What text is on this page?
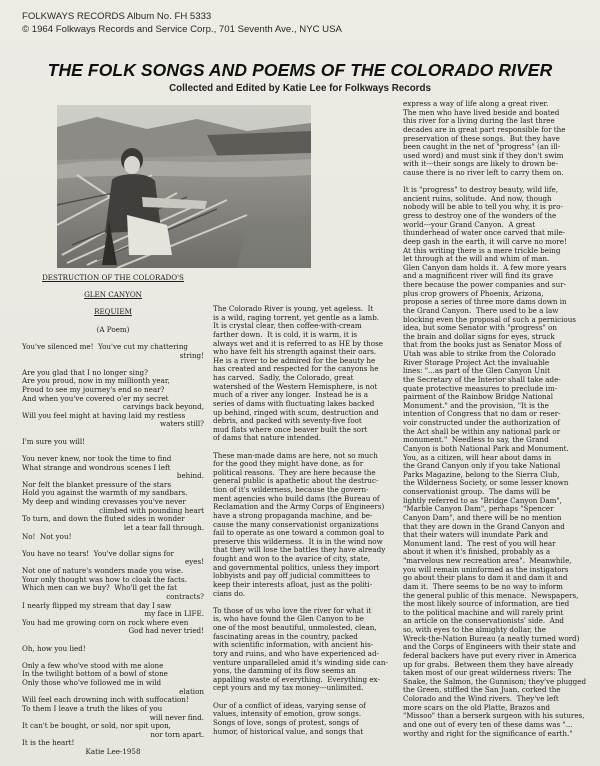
FOLKWAYS RECORDS Album No. FH 5333
© 1964 Folkways Records and Service Corp., 701 Seventh Ave., NYC USA
THE FOLK SONGS AND POEMS OF THE COLORADO RIVER
Collected and Edited by Katie Lee for Folkways Records

DESTRUCTION OF THE COLORADO'S

GLEN CANYON

REQUIEM

(A Poem)

You've silenced me!  You've cut my chattering

string!

Are you glad that I no longer sing?

Are you proud, now in my millionth year,

Proud to see my journey's end so near?

And when you've covered o'er my secret

carvings back beyond,

Will you feel might at having laid my restless

waters still?

I'm sure you will!

You never knew, nor took the time to find

What strange and wondrous scenes I left

behind.

Nor felt the blanket pressure of the stars

Hold you against the warmth of my sandbars.

My deep and winding crevasses you've never

climbed with pounding heart

To turn, and down the fluted sides in wonder

let a tear fall through.

No!  Not you!

You have no tears!  You've dollar signs for

eyes!

Not one of nature's wonders made you wise.

Your only thought was how to cloak the facts.

Which men can we buy?  Who'll get the fat

contracts?

I nearly flipped my stream that day I saw

my face in LIFE.

You had me growing corn on rock where even

God had never tried!

Oh, how you lied!

Only a few who've stood with me alone

In the twilight bottom of a bowl of stone

Only those who've followed me in wild

elation

Will feel each drowning inch with suffocation!

To them I leave a truth the likes of you

will never find.

It can't be bought, or sold, nor spit upon,

nor torn apart.

It is the heart!

Katie Lee-1958

The Colorado River is young, yet ageless.  It

is a wild, raging torrent, yet gentle as a lamb.

It is crystal clear, then coffee-with-cream

farther down.  It is cold, it is warm, it is

always wet and it is referred to as HE by those

who have felt his strength against their oars.

He is a river to be admired for the beauty he

has created and respected for the canyons he

has carved.  Sadly, the Colorado, great

watershed of the Western Hemisphere, is not

much of a river any longer.  Instead he is a

series of dams with fluctuating lakes backed

up behind, ringed with scum, destruction and

debris, and packed with seventy-five foot

mud flats where once beaver built the sort

of dams that nature intended.

These man-made dams are here, not so much

for the good they might have done, as for

political reasons.  They are here because the

general public is apathetic about the destruc-

tion of it's wilderness, because the govern-

ment agencies who build dams (the Bureau of

Reclamation and the Army Corps of Engineers)

have a strong propaganda machine, and be-

cause the many conservationist organizations

fail to operate as one toward a common goal to

preserve this wilderness.  It is in the wind now

that they will lose the battles they have already

fought and won to the avarice of city, state,

and governmental politics, unless they import

lobbyists and pay off judicial committees to

keep their interests afloat, just as the politi-

cians do.

To those of us who love the river for what it

is, who have found the Glen Canyon to be

one of the most beautiful, unmolested, clean,

fascinating areas in the country, packed

with scientific information, with ancient his-

tory and ruins, and who have experienced ad-

venture unparalleled amid it's winding side can-

yons, the damming of its flow seems an

appalling waste of everything.  Everything ex-

cept yours and my tax money---unlimited.

Our of a conflict of ideas, varying sense of

values, intensity of emotion, grow songs.

Songs of love, songs of protest, songs of

humor, of historical value, and songs that

express a way of life along a great river.

The men who have lived beside and boated

this river for a living during the last three

decades are in great part responsible for the

preservation of these songs.  But they have

been caught in the net of "progress" (an ill-

used word) and must sink if they don't swim

with it---their songs are likely to drown be-

cause there is no river left to carry them on.

It is "progress" to destroy beauty, wild life,

ancient ruins, solitude.  And now, though

nobody will be able to tell you why, it is pro-

gress to destroy one of the wonders of the

world---your Grand Canyon.  A great

thunderhead of water once carved that mile-

deep gash in the earth, it will carve no more!

At this writing there is a mere trickle being

let through at the will and whim of man.

Glen Canyon dam holds it.  A few more years

and a magnificent river will find its grave

there because the power companies and sur-

plus crop growers of Phoenix, Arizona,

propose a series of three more dams down in

the Grand Canyon.  There used to be a law

blocking even the proposal of such a pernicious

idea, but some Senator with "progress" on

the brain and dollar signs for eyes, struck

that from the books just as Senator Moss of

Utah was able to strike from the Colorado

River Storage Project Act the invaluable

lines: "...as part of the Glen Canyon Unit

the Secretary of the Interior shall take ade-

quate protective measures to preclude im-

pairment of the Rainbow Bridge National

Monument." and the provision, "It is the

intention of Congress that no dam or reser-

voir constructed under the authorization of

the Act shall be within any national park or

monument."  Needless to say, the Grand

Canyon is both National Park and Monument.

You, as a citizen, will hear about dams in

the Grand Canyon only if you take National

Parks Magazine, belong to the Sierra Club,

the Wilderness Society, or some lesser known

conservationist group.  The dams will be

lightly referred to as "Bridge Canyon Dam",

"Marble Canyon Dam", perhaps "Spencer

Canyon Dam", and there will be no mention

that they are down in the Grand Canyon and

that their waters will inundate Park and

Monument land.  The rest of you will hear

about it when it's finished, probably as a

"marvelous new recreation area".  Meanwhile,

you will remain uninformed as the instigators

go about their plans to dam it and dam it and

dam it.  There seems to be no way to inform

the general public of this menace.  Newspapers,

the most likely source of information, are tied

to the political machine and will rarely print

an article on the conservationists' side.  And

so, with eyes to the almighty dollar, the

Wreck-the-Nation Bureau (a neatly turned word)

and the Corps of Engineers with their state and

federal backers have put every river in America

up for grabs.  Between them they have already

taken most of our great wilderness rivers: The

Snake, the Salmon, the Gunnison; they've plugged

the Green, stiffled the San Juan, corked the

Colorado and the Wind rivers.  They've left

more scars on the old Platte, Brazos and

"Missoo" than a berserk surgeon with his sutures,

and one out of every ten of these dams was "...

worthy and right for the significance of earth."
